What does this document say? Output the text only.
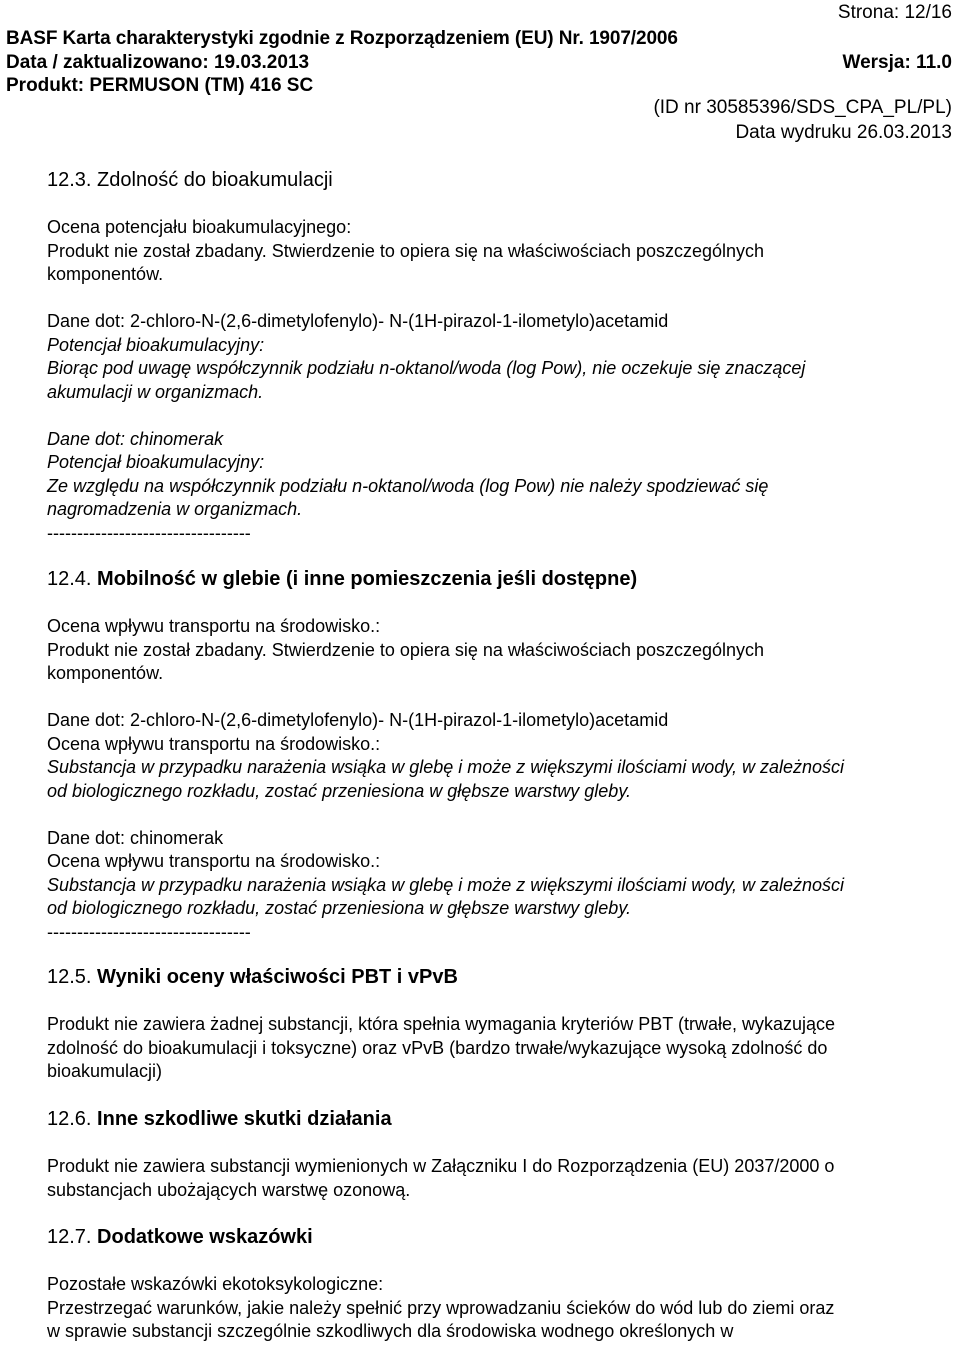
Strona: 12/16
BASF Karta charakterystyki zgodnie z Rozporządzeniem (EU) Nr. 1907/2006
Data / zaktualizowano: 19.03.2013	Wersja: 11.0
Produkt: PERMUSON (TM) 416 SC
(ID nr 30585396/SDS_CPA_PL/PL)
Data wydruku 26.03.2013
12.3. Zdolność do bioakumulacji

Ocena potencjału bioakumulacyjnego:

Produkt nie został zbadany. Stwierdzenie to opiera się na właściwościach poszczególnych

komponentów.

Dane dot: 2-chloro-N-(2,6-dimetylofenylo)- N-(1H-pirazol-1-ilometylo)acetamid

Potencjał bioakumulacyjny:

Biorąc pod uwagę współczynnik podziału n-oktanol/woda (log Pow), nie oczekuje się znaczącej

akumulacji w organizmach.

Dane dot: chinomerak

Potencjał bioakumulacyjny:

Ze względu na współczynnik podziału n-oktanol/woda (log Pow) nie należy spodziewać się

nagromadzenia w organizmach.

----------------------------------

12.4. Mobilność w glebie (i inne pomieszczenia jeśli dostępne)

Ocena wpływu transportu na środowisko.:

Produkt nie został zbadany. Stwierdzenie to opiera się na właściwościach poszczególnych

komponentów.

Dane dot: 2-chloro-N-(2,6-dimetylofenylo)- N-(1H-pirazol-1-ilometylo)acetamid

Ocena wpływu transportu na środowisko.:

Substancja w przypadku narażenia wsiąka w glebę i może z większymi ilościami wody, w zależności

od biologicznego rozkładu, zostać przeniesiona w głębsze warstwy gleby.

Dane dot: chinomerak

Ocena wpływu transportu na środowisko.:

Substancja w przypadku narażenia wsiąka w glebę i może z większymi ilościami wody, w zależności

od biologicznego rozkładu, zostać przeniesiona w głębsze warstwy gleby.

----------------------------------

12.5. Wyniki oceny właściwości PBT i vPvB

Produkt nie zawiera żadnej substancji, która spełnia wymagania kryteriów PBT (trwałe, wykazujące

zdolność do bioakumulacji i toksyczne) oraz vPvB (bardzo trwałe/wykazujące wysoką zdolność do

bioakumulacji)

12.6. Inne szkodliwe skutki działania

Produkt nie zawiera substancji wymienionych w Załączniku I do Rozporządzenia (EU) 2037/2000 o

substancjach ubożających warstwę ozonową.

12.7. Dodatkowe wskazówki

Pozostałe wskazówki ekotoksykologiczne:

Przestrzegać warunków, jakie należy spełnić przy wprowadzaniu ścieków do wód lub do ziemi oraz

w sprawie substancji szczególnie szkodliwych dla środowiska wodnego określonych w
